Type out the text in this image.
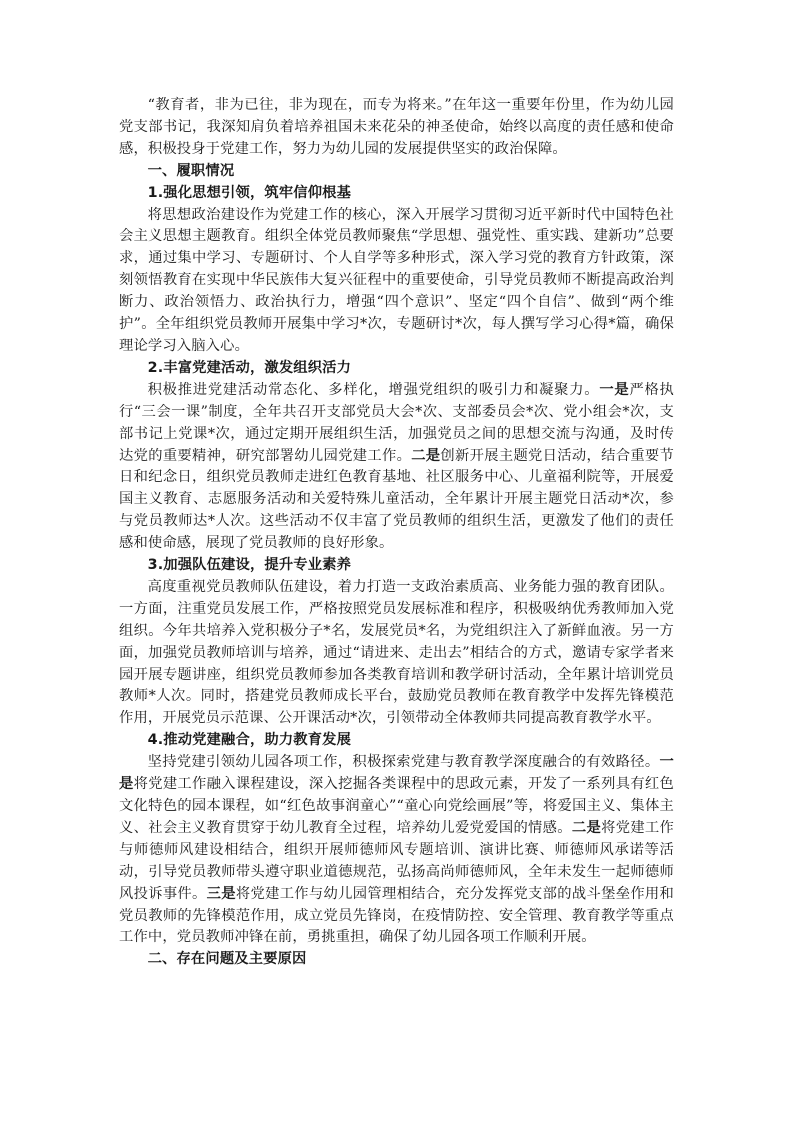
“教育者，非为已往，非为现在，而专为将来。”在年这一重要年份里，作为幼儿园党支部书记，我深知肩负着培养祖国未来花朵的神圣使命，始终以高度的责任感和使命感，积极投身于党建工作，努力为幼儿园的发展提供坚实的政治保障。

一、履职情况
1.强化思想引领，筑牢信仰根基

将思想政治建设作为党建工作的核心，深入开展学习贯彻习近平新时代中国特色社会主义思想主题教育。组织全体党员教师聚焦“学思想、强党性、重实践、建新功”总要求，通过集中学习、专题研讨、个人自学等多种形式，深入学习党的教育方针政策，深刻领悟教育在实现中华民族伟大复兴征程中的重要使命，引导党员教师不断提高政治判断力、政治领悟力、政治执行力，增强“四个意识”、坚定“四个自信”、做到“两个维护”。全年组织党员教师开展集中学习*次，专题研讨*次，每人撰写学习心得*篇，确保理论学习入脑入心。

2.丰富党建活动，激发组织活力

积极推进党建活动常态化、多样化，增强党组织的吸引力和凝聚力。一是严格执行“三会一课”制度，全年共召开支部党员大会*次、支部委员会*次、党小组会*次，支部书记上党课*次，通过定期开展组织生活，加强党员之间的思想交流与沟通，及时传达党的重要精神，研究部署幼儿园党建工作。二是创新开展主题党日活动，结合重要节日和纪念日，组织党员教师走进红色教育基地、社区服务中心、儿童福利院等，开展爱国主义教育、志愿服务活动和关爱特殊儿童活动，全年累计开展主题党日活动*次，参与党员教师达*人次。这些活动不仅丰富了党员教师的组织生活，更激发了他们的责任感和使命感，展现了党员教师的良好形象。

3.加强队伍建设，提升专业素养

高度重视党员教师队伍建设，着力打造一支政治素质高、业务能力强的教育团队。一方面，注重党员发展工作，严格按照党员发展标准和程序，积极吸纳优秀教师加入党组织。今年共培养入党积极分子*名，发展党员*名，为党组织注入了新鲜血液。另一方面，加强党员教师培训与培养，通过“请进来、走出去”相结合的方式，邀请专家学者来园开展专题讲座，组织党员教师参加各类教育培训和教学研讨活动，全年累计培训党员教师*人次。同时，搭建党员教师成长平台，鼓励党员教师在教育教学中发挥先锋模范作用，开展党员示范课、公开课活动*次，引领带动全体教师共同提高教育教学水平。

4.推动党建融合，助力教育发展

坚持党建引领幼儿园各项工作，积极探索党建与教育教学深度融合的有效路径。一是将党建工作融入课程建设，深入挖掘各类课程中的思政元素，开发了一系列具有红色文化特色的园本课程，如“红色故事润童心”“童心向党绘画展”等，将爱国主义、集体主义、社会主义教育贯穿于幼儿教育全过程，培养幼儿爱党爱国的情感。二是将党建工作与师德师风建设相结合，组织开展师德师风专题培训、演讲比赛、师德师风承诺等活动，引导党员教师带头遵守职业道德规范，弘扬高尚师德师风，全年未发生一起师德师风投诉事件。三是将党建工作与幼儿园管理相结合，充分发挥党支部的战斗堡垒作用和党员教师的先锋模范作用，成立党员先锋岗，在疫情防控、安全管理、教育教学等重点工作中，党员教师冲锋在前，勇挑重担，确保了幼儿园各项工作顺利开展。

二、存在问题及主要原因
